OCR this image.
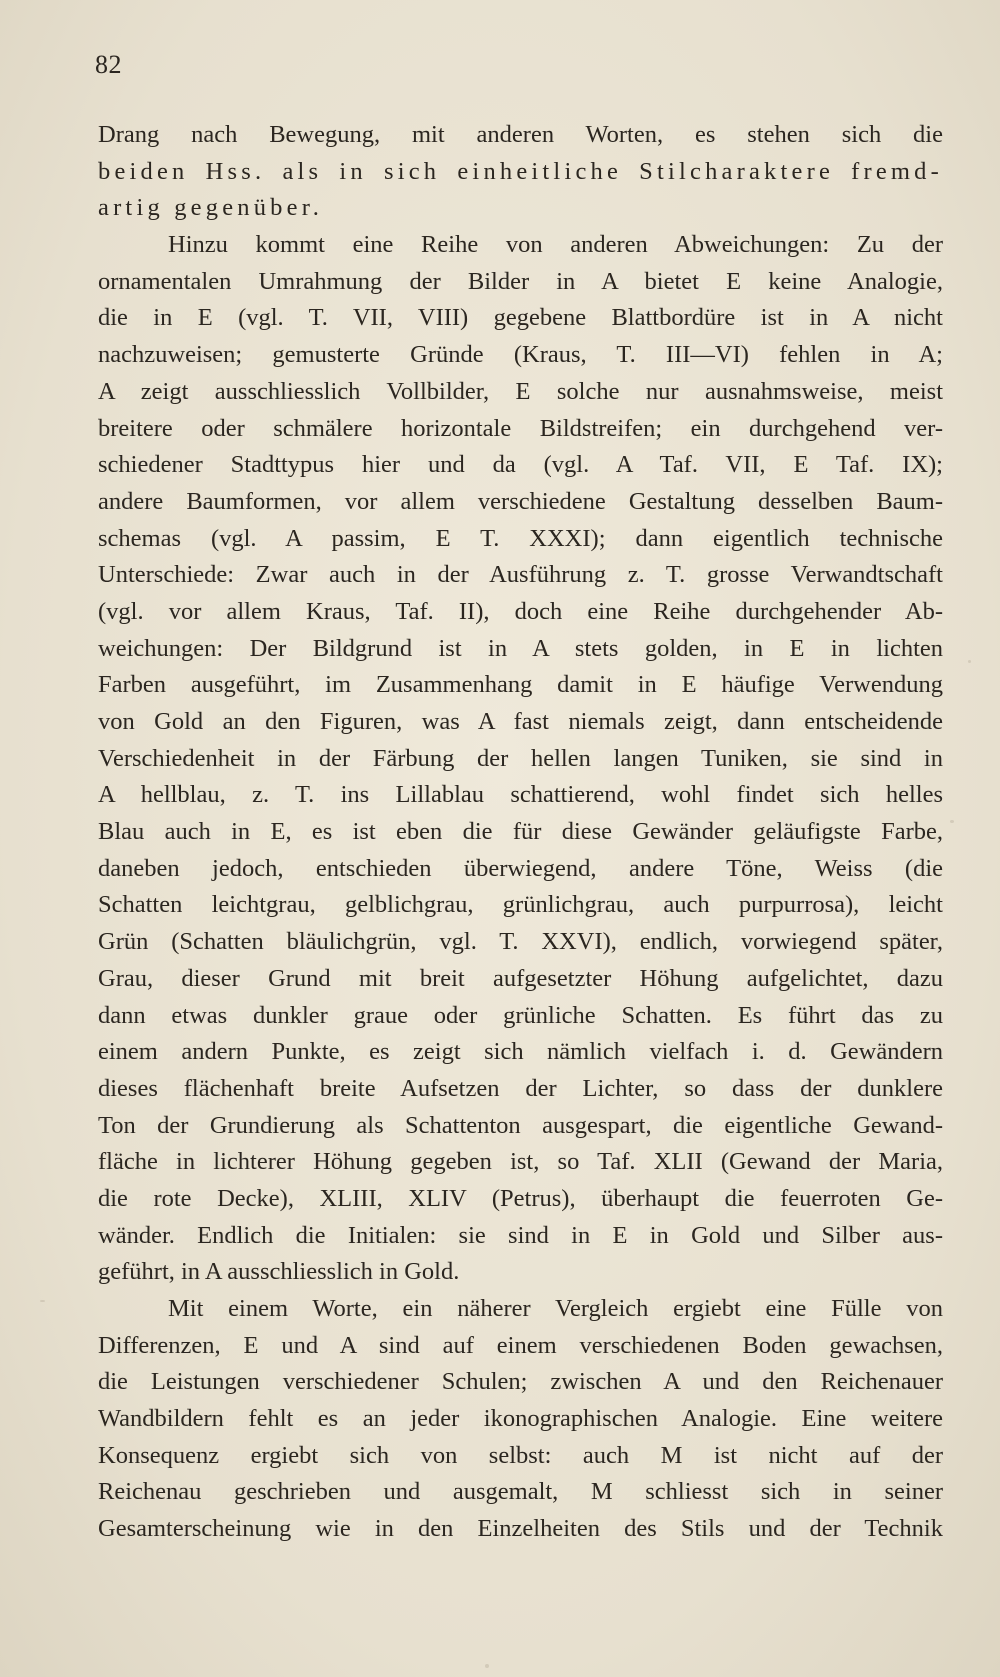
82
Drang nach Bewegung, mit anderen Worten, es stehen sich die
beiden Hss. als in sich einheitliche Stilcharaktere fremd-
artig gegenüber.
Hinzu kommt eine Reihe von anderen Abweichungen: Zu der
ornamentalen Umrahmung der Bilder in A bietet E keine Analogie,
die in E (vgl. T. VII, VIII) gegebene Blattbordüre ist in A nicht
nachzuweisen; gemusterte Gründe (Kraus, T. III—VI) fehlen in A;
A zeigt ausschliesslich Vollbilder, E solche nur ausnahmsweise, meist
breitere oder schmälere horizontale Bildstreifen; ein durchgehend ver-
schiedener Stadttypus hier und da (vgl. A Taf. VII, E Taf. IX);
andere Baumformen, vor allem verschiedene Gestaltung desselben Baum-
schemas (vgl. A passim, E T. XXXI); dann eigentlich technische
Unterschiede: Zwar auch in der Ausführung z. T. grosse Verwandtschaft
(vgl. vor allem Kraus, Taf. II), doch eine Reihe durchgehender Ab-
weichungen: Der Bildgrund ist in A stets golden, in E in lichten
Farben ausgeführt, im Zusammenhang damit in E häufige Verwendung
von Gold an den Figuren, was A fast niemals zeigt, dann entscheidende
Verschiedenheit in der Färbung der hellen langen Tuniken, sie sind in
A hellblau, z. T. ins Lillablau schattierend, wohl findet sich helles
Blau auch in E, es ist eben die für diese Gewänder geläufigste Farbe,
daneben jedoch, entschieden überwiegend, andere Töne, Weiss (die
Schatten leichtgrau, gelblichgrau, grünlichgrau, auch purpurrosa), leicht
Grün (Schatten bläulichgrün, vgl. T. XXVI), endlich, vorwiegend später,
Grau, dieser Grund mit breit aufgesetzter Höhung aufgelichtet, dazu
dann etwas dunkler graue oder grünliche Schatten. Es führt das zu
einem andern Punkte, es zeigt sich nämlich vielfach i. d. Gewändern
dieses flächenhaft breite Aufsetzen der Lichter, so dass der dunklere
Ton der Grundierung als Schattenton ausgespart, die eigentliche Gewand-
fläche in lichterer Höhung gegeben ist, so Taf. XLII (Gewand der Maria,
die rote Decke), XLIII, XLIV (Petrus), überhaupt die feuerroten Ge-
wänder. Endlich die Initialen: sie sind in E in Gold und Silber aus-
geführt, in A ausschliesslich in Gold.
Mit einem Worte, ein näherer Vergleich ergiebt eine Fülle von
Differenzen, E und A sind auf einem verschiedenen Boden gewachsen,
die Leistungen verschiedener Schulen; zwischen A und den Reichenauer
Wandbildern fehlt es an jeder ikonographischen Analogie. Eine weitere
Konsequenz ergiebt sich von selbst: auch M ist nicht auf der
Reichenau geschrieben und ausgemalt, M schliesst sich in seiner
Gesamterscheinung wie in den Einzelheiten des Stils und der Technik
